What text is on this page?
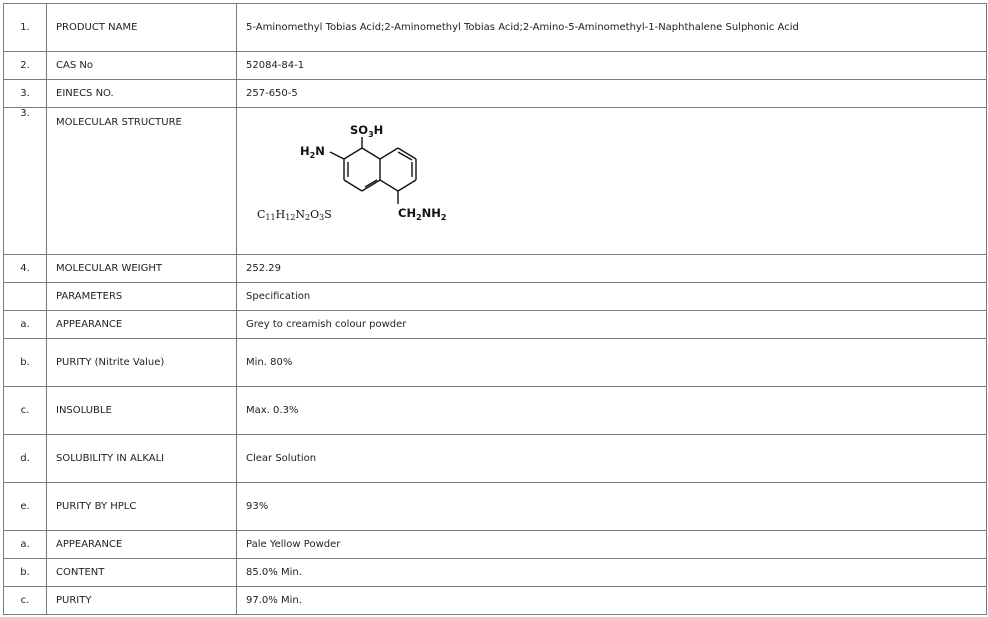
1.	PRODUCT NAME	5-Aminomethyl Tobias Acid;2-Aminomethyl Tobias Acid;2-Amino-5-Aminomethyl-1-Naphthalene Sulphonic Acid
2.	CAS No	52084-84-1
3.	EINECS NO.	257-650-5
3.	MOLECULAR STRUCTURE	$SO_3H$
$H_2N$
$CH_2NH_2$
C11H12N2O3S

4.	MOLECULAR WEIGHT	252.29
	PARAMETERS	Specification
a.	APPEARANCE	Grey to creamish colour powder
b.	PURITY (Nitrite Value)	Min. 80%
c.	INSOLUBLE	Max. 0.3%
d.	SOLUBILITY IN ALKALI	Clear Solution
e.	PURITY BY HPLC	93%
a.	APPEARANCE	Pale Yellow Powder
b.	CONTENT	85.0% Min.
c.	PURITY	97.0% Min.
